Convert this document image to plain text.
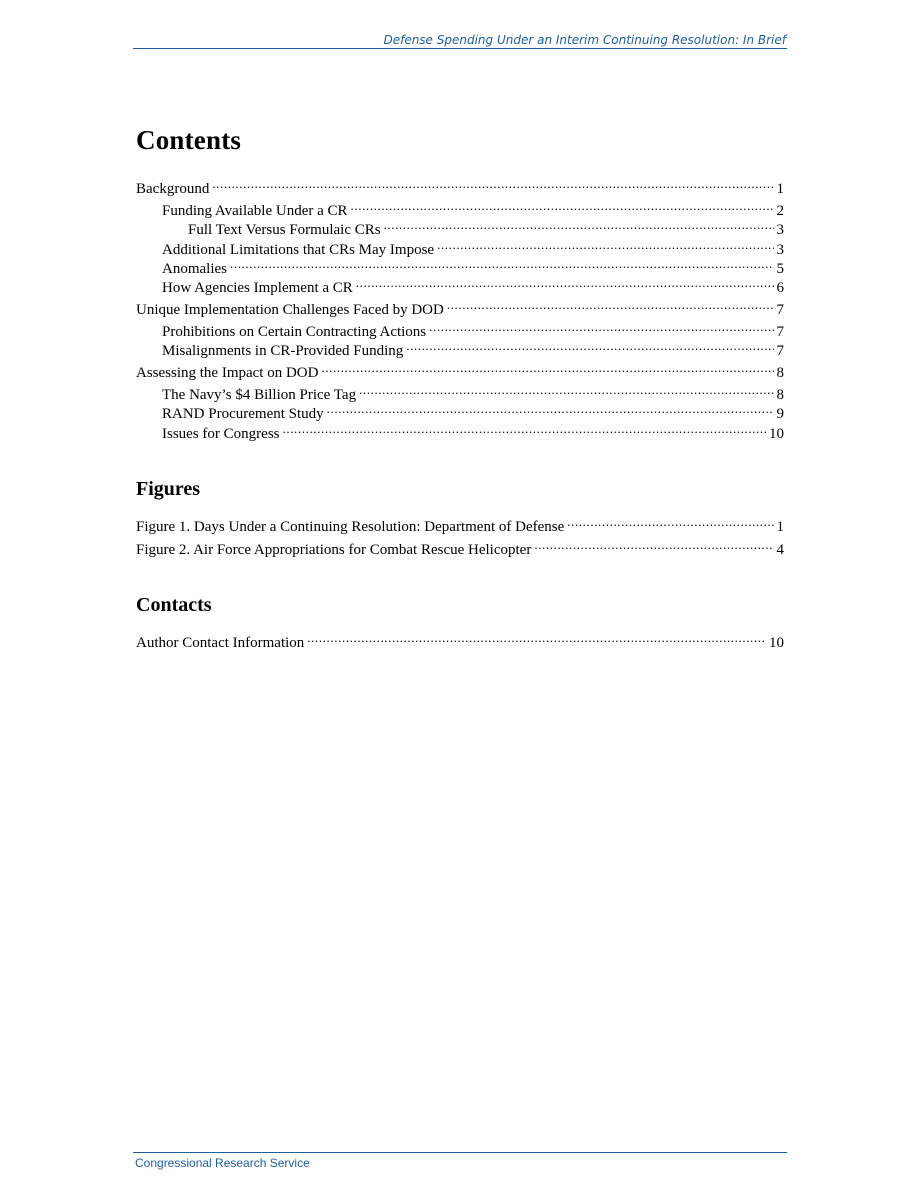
Defense Spending Under an Interim Continuing Resolution: In Brief
Contents
Background .....	1
Funding Available Under a CR .....	2
Full Text Versus Formulaic CRs .....	3
Additional Limitations that CRs May Impose .....	3
Anomalies .....	5
How Agencies Implement a CR .....	6
Unique Implementation Challenges Faced by DOD .....	7
Prohibitions on Certain Contracting Actions .....	7
Misalignments in CR-Provided Funding .....	7
Assessing the Impact on DOD .....	8
The Navy’s $4 Billion Price Tag .....	8
RAND Procurement Study .....	9
Issues for Congress .....	10
Figures
Figure 1. Days Under a Continuing Resolution: Department of Defense .....	1
Figure 2. Air Force Appropriations for Combat Rescue Helicopter .....	4
Contacts
Author Contact Information .....	10
Congressional Research Service
